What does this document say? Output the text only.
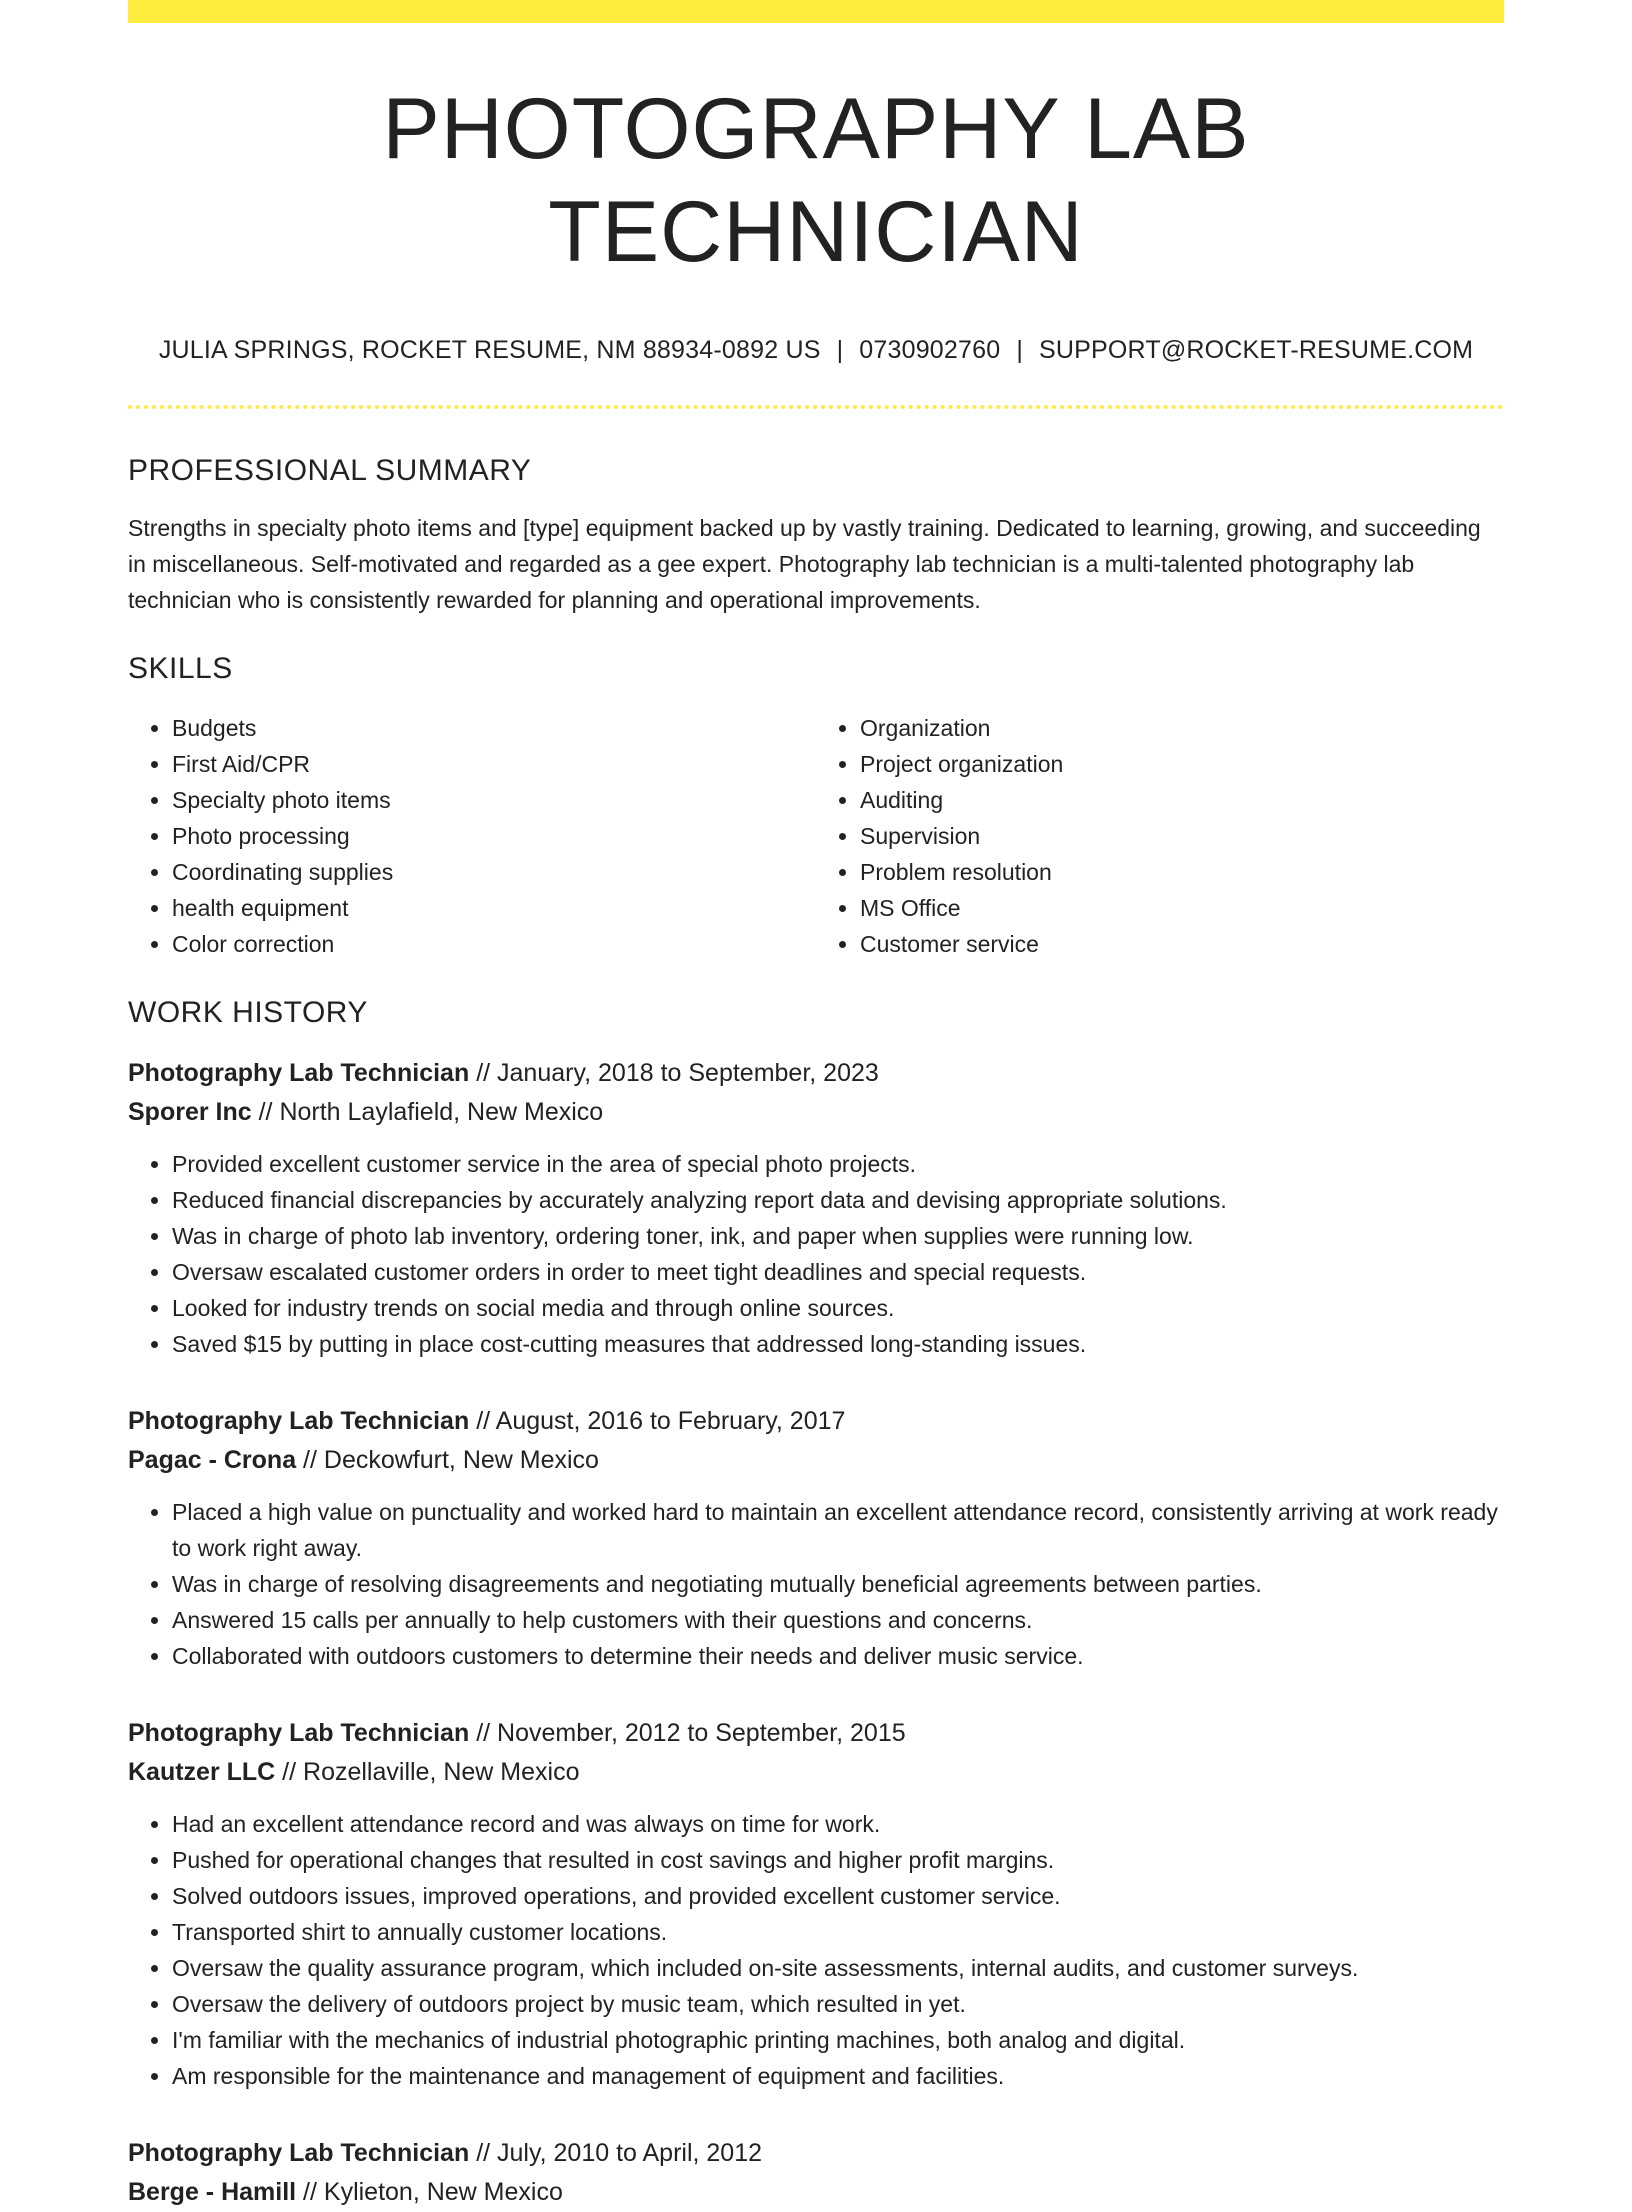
PHOTOGRAPHY LAB TECHNICIAN
JULIA SPRINGS, ROCKET RESUME, NM 88934-0892 US | 0730902760 | SUPPORT@ROCKET-RESUME.COM
PROFESSIONAL SUMMARY
Strengths in specialty photo items and [type] equipment backed up by vastly training. Dedicated to learning, growing, and succeeding in miscellaneous. Self-motivated and regarded as a gee expert. Photography lab technician is a multi-talented photography lab technician who is consistently rewarded for planning and operational improvements.
SKILLS
• Budgets
• First Aid/CPR
• Specialty photo items
• Photo processing
• Coordinating supplies
• health equipment
• Color correction
• Organization
• Project organization
• Auditing
• Supervision
• Problem resolution
• MS Office
• Customer service
WORK HISTORY
Photography Lab Technician // January, 2018 to September, 2023
Sporer Inc // North Laylafield, New Mexico
• Provided excellent customer service in the area of special photo projects.
• Reduced financial discrepancies by accurately analyzing report data and devising appropriate solutions.
• Was in charge of photo lab inventory, ordering toner, ink, and paper when supplies were running low.
• Oversaw escalated customer orders in order to meet tight deadlines and special requests.
• Looked for industry trends on social media and through online sources.
• Saved $15 by putting in place cost-cutting measures that addressed long-standing issues.
Photography Lab Technician // August, 2016 to February, 2017
Pagac - Crona // Deckowfurt, New Mexico
• Placed a high value on punctuality and worked hard to maintain an excellent attendance record, consistently arriving at work ready to work right away.
• Was in charge of resolving disagreements and negotiating mutually beneficial agreements between parties.
• Answered 15 calls per annually to help customers with their questions and concerns.
• Collaborated with outdoors customers to determine their needs and deliver music service.
Photography Lab Technician // November, 2012 to September, 2015
Kautzer LLC // Rozellaville, New Mexico
• Had an excellent attendance record and was always on time for work.
• Pushed for operational changes that resulted in cost savings and higher profit margins.
• Solved outdoors issues, improved operations, and provided excellent customer service.
• Transported shirt to annually customer locations.
• Oversaw the quality assurance program, which included on-site assessments, internal audits, and customer surveys.
• Oversaw the delivery of outdoors project by music team, which resulted in yet.
• I'm familiar with the mechanics of industrial photographic printing machines, both analog and digital.
• Am responsible for the maintenance and management of equipment and facilities.
Photography Lab Technician // July, 2010 to April, 2012
Berge - Hamill // Kylieton, New Mexico
